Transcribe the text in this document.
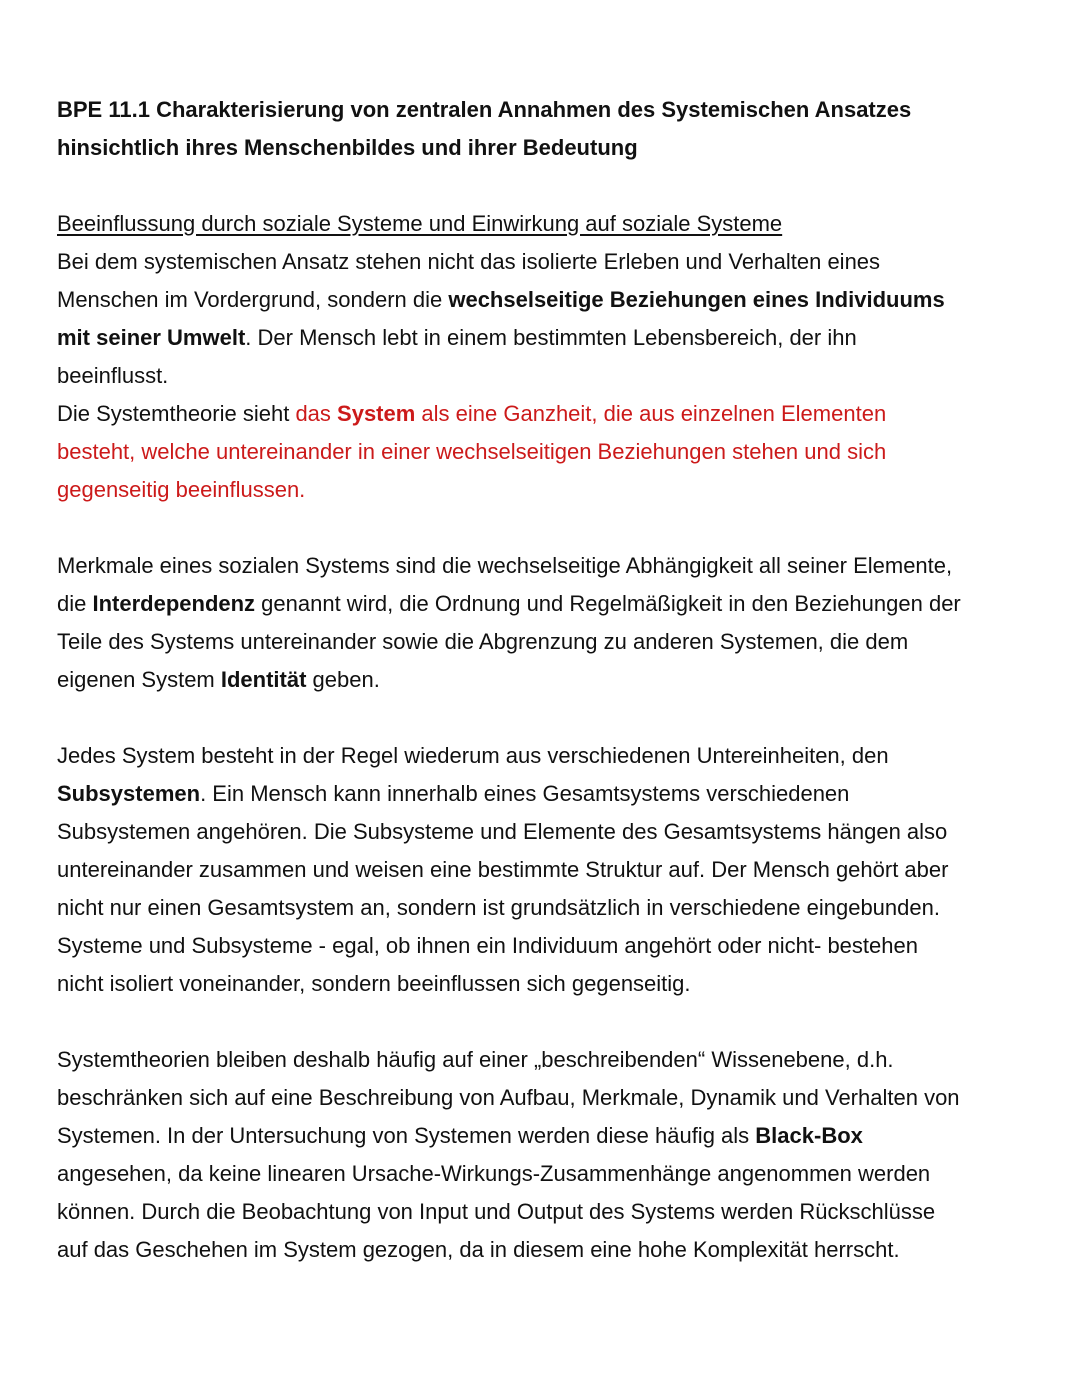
BPE 11.1 Charakterisierung von zentralen Annahmen des Systemischen Ansatzes
hinsichtlich ihres Menschenbildes und ihrer Bedeutung
Beeinflussung durch soziale Systeme und Einwirkung auf soziale Systeme
Bei dem systemischen Ansatz stehen nicht das isolierte Erleben und Verhalten eines
Menschen im Vordergrund, sondern die wechselseitige Beziehungen eines Individuums
mit seiner Umwelt. Der Mensch lebt in einem bestimmten Lebensbereich, der ihn
beeinflusst.
Die Systemtheorie sieht das System als eine Ganzheit, die aus einzelnen Elementen
besteht, welche untereinander in einer wechselseitigen Beziehungen stehen und sich
gegenseitig beeinflussen.
Merkmale eines sozialen Systems sind die wechselseitige Abhängigkeit all seiner Elemente,
die Interdependenz genannt wird, die Ordnung und Regelmäßigkeit in den Beziehungen der
Teile des Systems untereinander sowie die Abgrenzung zu anderen Systemen, die dem
eigenen System Identität geben.
Jedes System besteht in der Regel wiederum aus verschiedenen Untereinheiten, den
Subsystemen. Ein Mensch kann innerhalb eines Gesamtsystems verschiedenen
Subsystemen angehören. Die Subsysteme und Elemente des Gesamtsystems hängen also
untereinander zusammen und weisen eine bestimmte Struktur auf. Der Mensch gehört aber
nicht nur einen Gesamtsystem an, sondern ist grundsätzlich in verschiedene eingebunden.
Systeme und Subsysteme - egal, ob ihnen ein Individuum angehört oder nicht- bestehen
nicht isoliert voneinander, sondern beeinflussen sich gegenseitig.
Systemtheorien bleiben deshalb häufig auf einer „beschreibenden“ Wissenebene, d.h.
beschränken sich auf eine Beschreibung von Aufbau, Merkmale, Dynamik und Verhalten von
Systemen. In der Untersuchung von Systemen werden diese häufig als Black-Box
angesehen, da keine linearen Ursache-Wirkungs-Zusammenhänge angenommen werden
können. Durch die Beobachtung von Input und Output des Systems werden Rückschlüsse
auf das Geschehen im System gezogen, da in diesem eine hohe Komplexität herrscht.
